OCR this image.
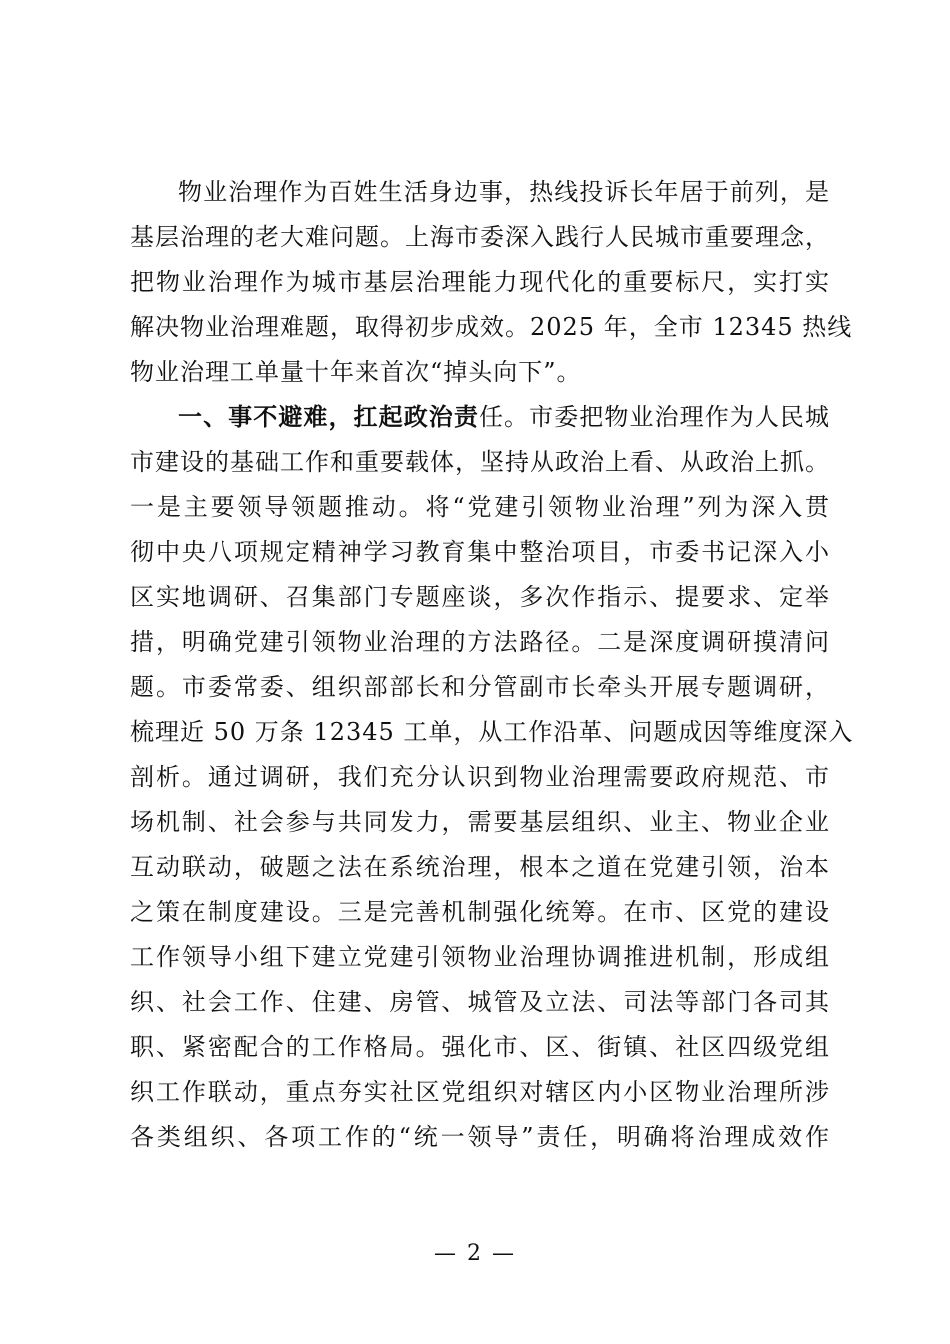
物业治理作为百姓生活身边事，热线投诉长年居于前列，是
基层治理的老大难问题。上海市委深入践行人民城市重要理念，
把物业治理作为城市基层治理能力现代化的重要标尺，实打实
解决物业治理难题，取得初步成效。2025 年，全市 12345 热线
物业治理工单量十年来首次“掉头向下”。
一、事不避难，扛起政治责任。市委把物业治理作为人民城
市建设的基础工作和重要载体，坚持从政治上看、从政治上抓。
一是主要领导领题推动。将“党建引领物业治理”列为深入贯
彻中央八项规定精神学习教育集中整治项目，市委书记深入小
区实地调研、召集部门专题座谈，多次作指示、提要求、定举
措，明确党建引领物业治理的方法路径。二是深度调研摸清问
题。市委常委、组织部部长和分管副市长牵头开展专题调研，
梳理近 50 万条 12345 工单，从工作沿革、问题成因等维度深入
剖析。通过调研，我们充分认识到物业治理需要政府规范、市
场机制、社会参与共同发力，需要基层组织、业主、物业企业
互动联动，破题之法在系统治理，根本之道在党建引领，治本
之策在制度建设。三是完善机制强化统筹。在市、区党的建设
工作领导小组下建立党建引领物业治理协调推进机制，形成组
织、社会工作、住建、房管、城管及立法、司法等部门各司其
职、紧密配合的工作格局。强化市、区、街镇、社区四级党组
织工作联动，重点夯实社区党组织对辖区内小区物业治理所涉
各类组织、各项工作的“统一领导”责任，明确将治理成效作
— 2 —
